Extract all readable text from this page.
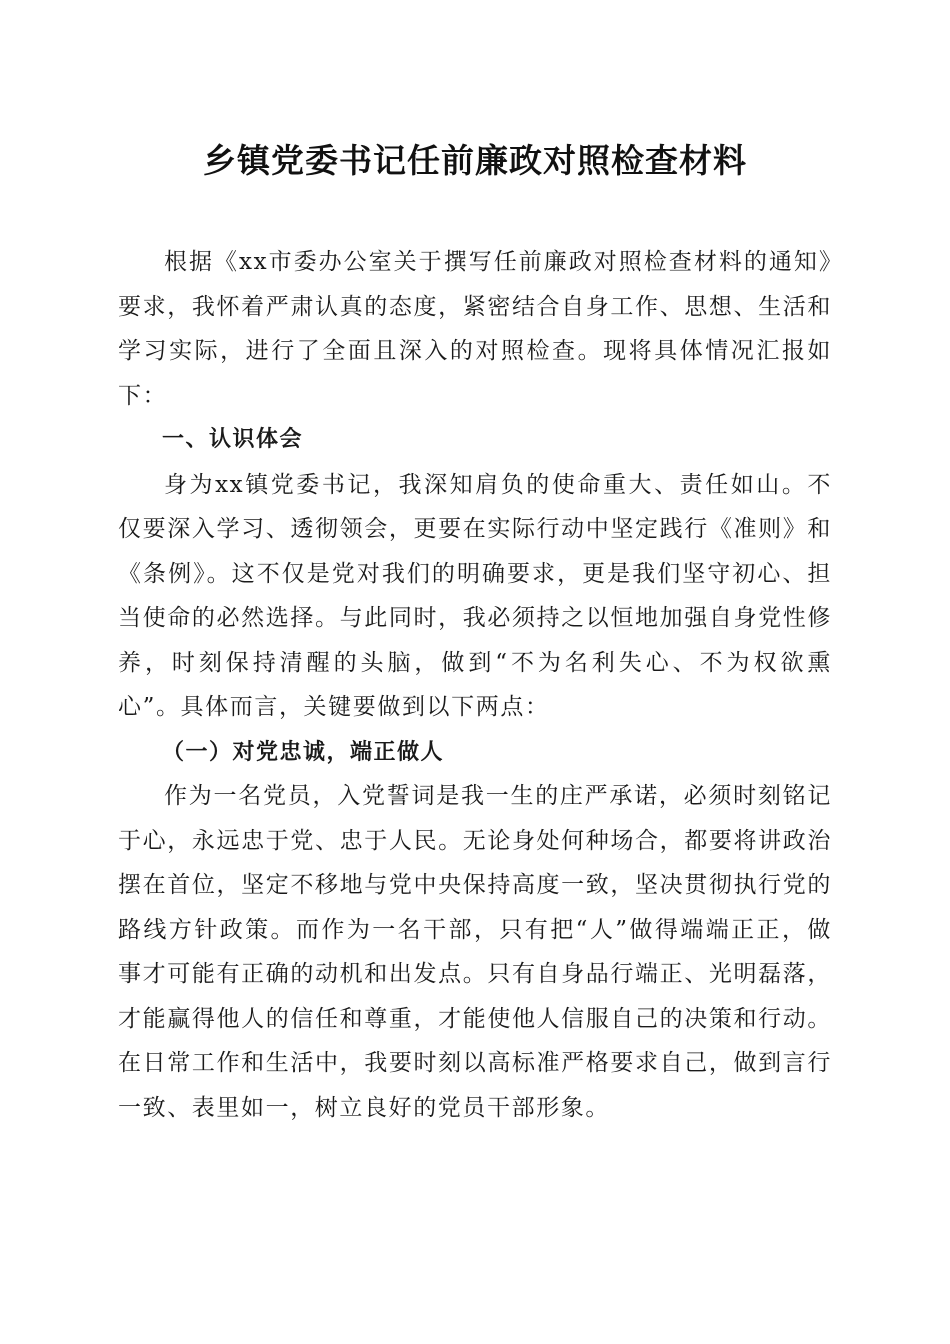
乡镇党委书记任前廉政对照检查材料

根据《xx市委办公室关于撰写任前廉政对照检查材料的通知》要求，我怀着严肃认真的态度，紧密结合自身工作、思想、生活和学习实际，进行了全面且深入的对照检查。现将具体情况汇报如下：

一、认识体会

身为xx镇党委书记，我深知肩负的使命重大、责任如山。不仅要深入学习、透彻领会，更要在实际行动中坚定践行《准则》和《条例》。这不仅是党对我们的明确要求，更是我们坚守初心、担当使命的必然选择。与此同时，我必须持之以恒地加强自身党性修养，时刻保持清醒的头脑，做到“不为名利失心、不为权欲熏心”。具体而言，关键要做到以下两点：

（一）对党忠诚，端正做人

作为一名党员，入党誓词是我一生的庄严承诺，必须时刻铭记于心，永远忠于党、忠于人民。无论身处何种场合，都要将讲政治摆在首位，坚定不移地与党中央保持高度一致，坚决贯彻执行党的路线方针政策。而作为一名干部，只有把“人”做得端端正正，做事才可能有正确的动机和出发点。只有自身品行端正、光明磊落，才能赢得他人的信任和尊重，才能使他人信服自己的决策和行动。在日常工作和生活中，我要时刻以高标准严格要求自己，做到言行一致、表里如一，树立良好的党员干部形象。
